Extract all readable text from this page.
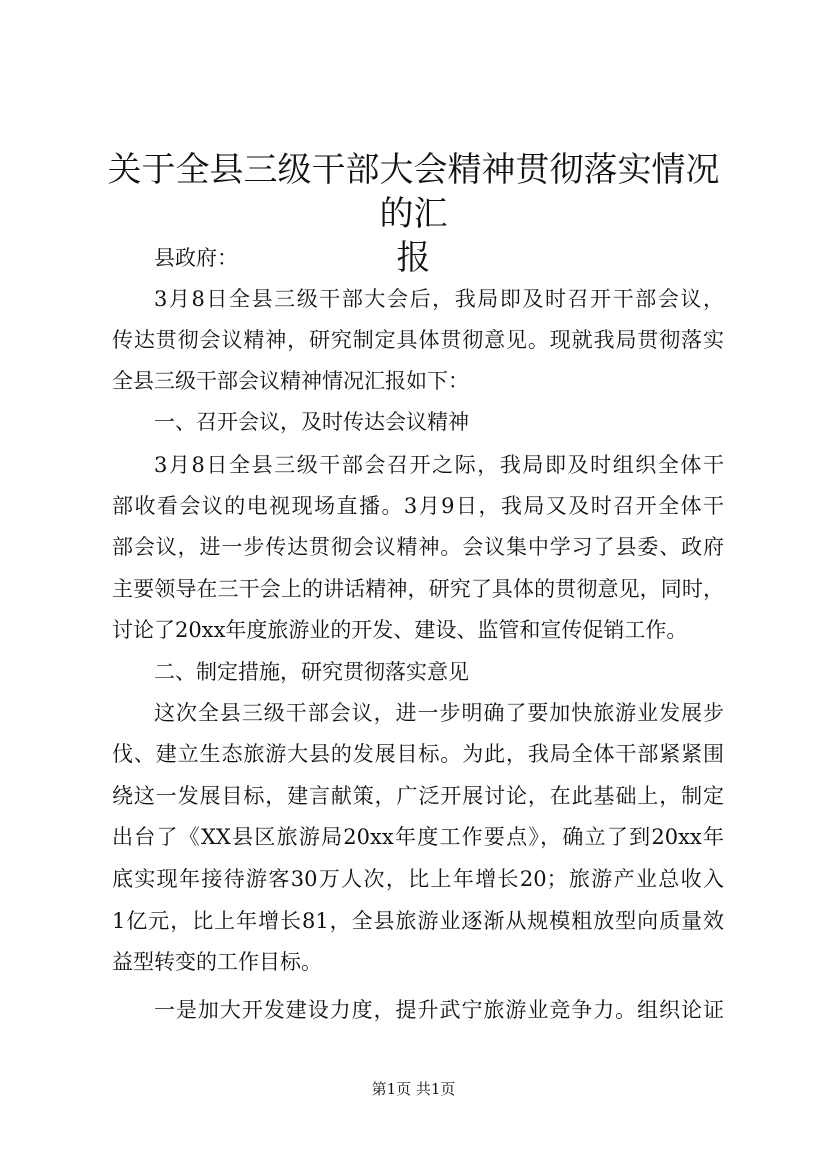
关于全县三级干部大会精神贯彻落实情况的汇
报

县政府：

3月8日全县三级干部大会后，我局即及时召开干部会议，

传达贯彻会议精神，研究制定具体贯彻意见。现就我局贯彻落实

全县三级干部会议精神情况汇报如下：

一、召开会议，及时传达会议精神

3月8日全县三级干部会召开之际，我局即及时组织全体干

部收看会议的电视现场直播。3月9日，我局又及时召开全体干

部会议，进一步传达贯彻会议精神。会议集中学习了县委、政府

主要领导在三干会上的讲话精神，研究了具体的贯彻意见，同时，

讨论了20xx年度旅游业的开发、建设、监管和宣传促销工作。

二、制定措施，研究贯彻落实意见

这次全县三级干部会议，进一步明确了要加快旅游业发展步

伐、建立生态旅游大县的发展目标。为此，我局全体干部紧紧围

绕这一发展目标，建言献策，广泛开展讨论，在此基础上，制定

出台了《XX县区旅游局20xx年度工作要点》，确立了到20xx年

底实现年接待游客30万人次，比上年增长20；旅游产业总收入

1亿元，比上年增长81，全县旅游业逐渐从规模粗放型向质量效

益型转变的工作目标。

一是加大开发建设力度，提升武宁旅游业竞争力。组织论证

第1页 共1页
